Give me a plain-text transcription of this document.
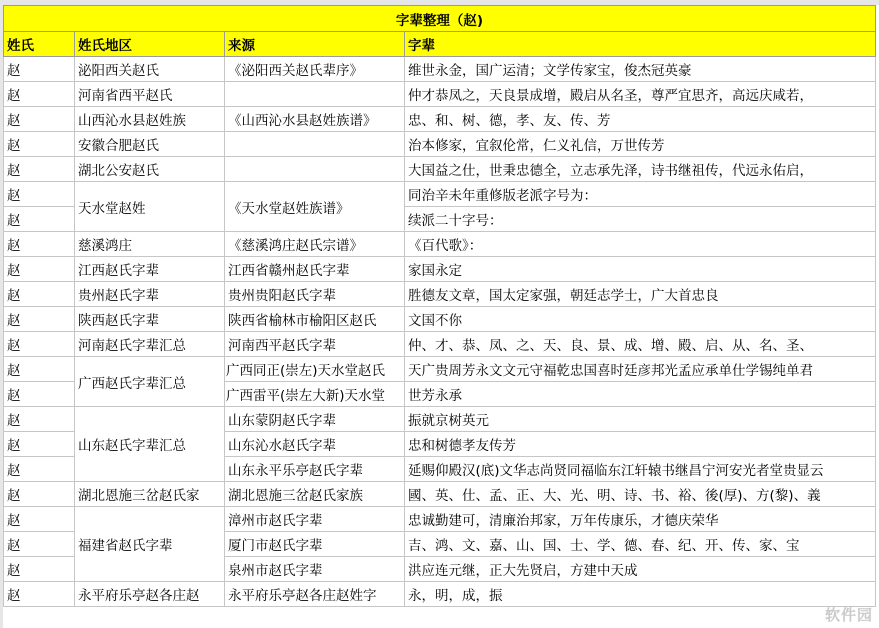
字辈整理（赵)			
姓氏	姓氏地区	来源	字辈
赵	泌阳西关赵氏	《泌阳西关赵氏辈序》	维世永金，国广运清；文学传家宝，俊杰冠英豪
赵	河南省西平赵氏		仲才恭凤之，天良景成增，殿启从名圣，尊严宜思齐，高远庆咸若，
赵	山西沁水县赵姓族	《山西沁水县赵姓族谱》	忠、和、树、德，孝、友、传、芳
赵	安徽合肥赵氏		治本修家，宜叙伦常，仁义礼信，万世传芳
赵	湖北公安赵氏		大国益之仕，世秉忠德全，立志承先泽，诗书继祖传，代远永佑启，
赵	天水堂赵姓	《天水堂赵姓族谱》	同治辛未年重修版老派字号为：
赵			续派二十字号：
赵	慈溪鸿庄	《慈溪鸿庄赵氏宗谱》	《百代歌》：
赵	江西赵氏字辈	江西省赣州赵氏字辈	家国永定
赵	贵州赵氏字辈	贵州贵阳赵氏字辈	胜德友文章，国太定家强，朝廷志学士，广大首忠良
赵	陕西赵氏字辈	陕西省榆林市榆阳区赵氏	文国不你
赵	河南赵氏字辈汇总	河南西平赵氏字辈	仲、才、恭、凤、之、天、良、景、成、增、殿、启、从、名、圣、
赵	广西赵氏字辈汇总	广西同正(崇左)天水堂赵氏	天广贵周芳永文文元守福乾忠国喜时廷彦邦光孟应承单仕学锡纯单君
赵		广西雷平(崇左大新)天水堂	世芳永承
赵	山东赵氏字辈汇总	山东蒙阴赵氏字辈	振就京树英元
赵		山东沁水赵氏字辈	忠和树德孝友传芳
赵		山东永平乐亭赵氏字辈	延赐仰殿汉(底)文华志尚贤同福临东江轩辕书继昌宁河安光者堂贵显云
赵	湖北恩施三岔赵氏家	湖北恩施三岔赵氏家族	國、英、仕、孟、正、大、光、明、诗、书、裕、後(厚)、方(黎)、義
赵	福建省赵氏字辈	漳州市赵氏字辈	忠诚勤建可，清廉治邦家，万年传康乐，才德庆荣华
赵		厦门市赵氏字辈	吉、鸿、文、嘉、山、国、士、学、德、春、纪、开、传、家、宝
赵		泉州市赵氏字辈	洪应连元继，正大先贤启，方建中天成
赵	永平府乐亭赵各庄赵	永平府乐亭赵各庄赵姓字	永，明，成，振
软件园
